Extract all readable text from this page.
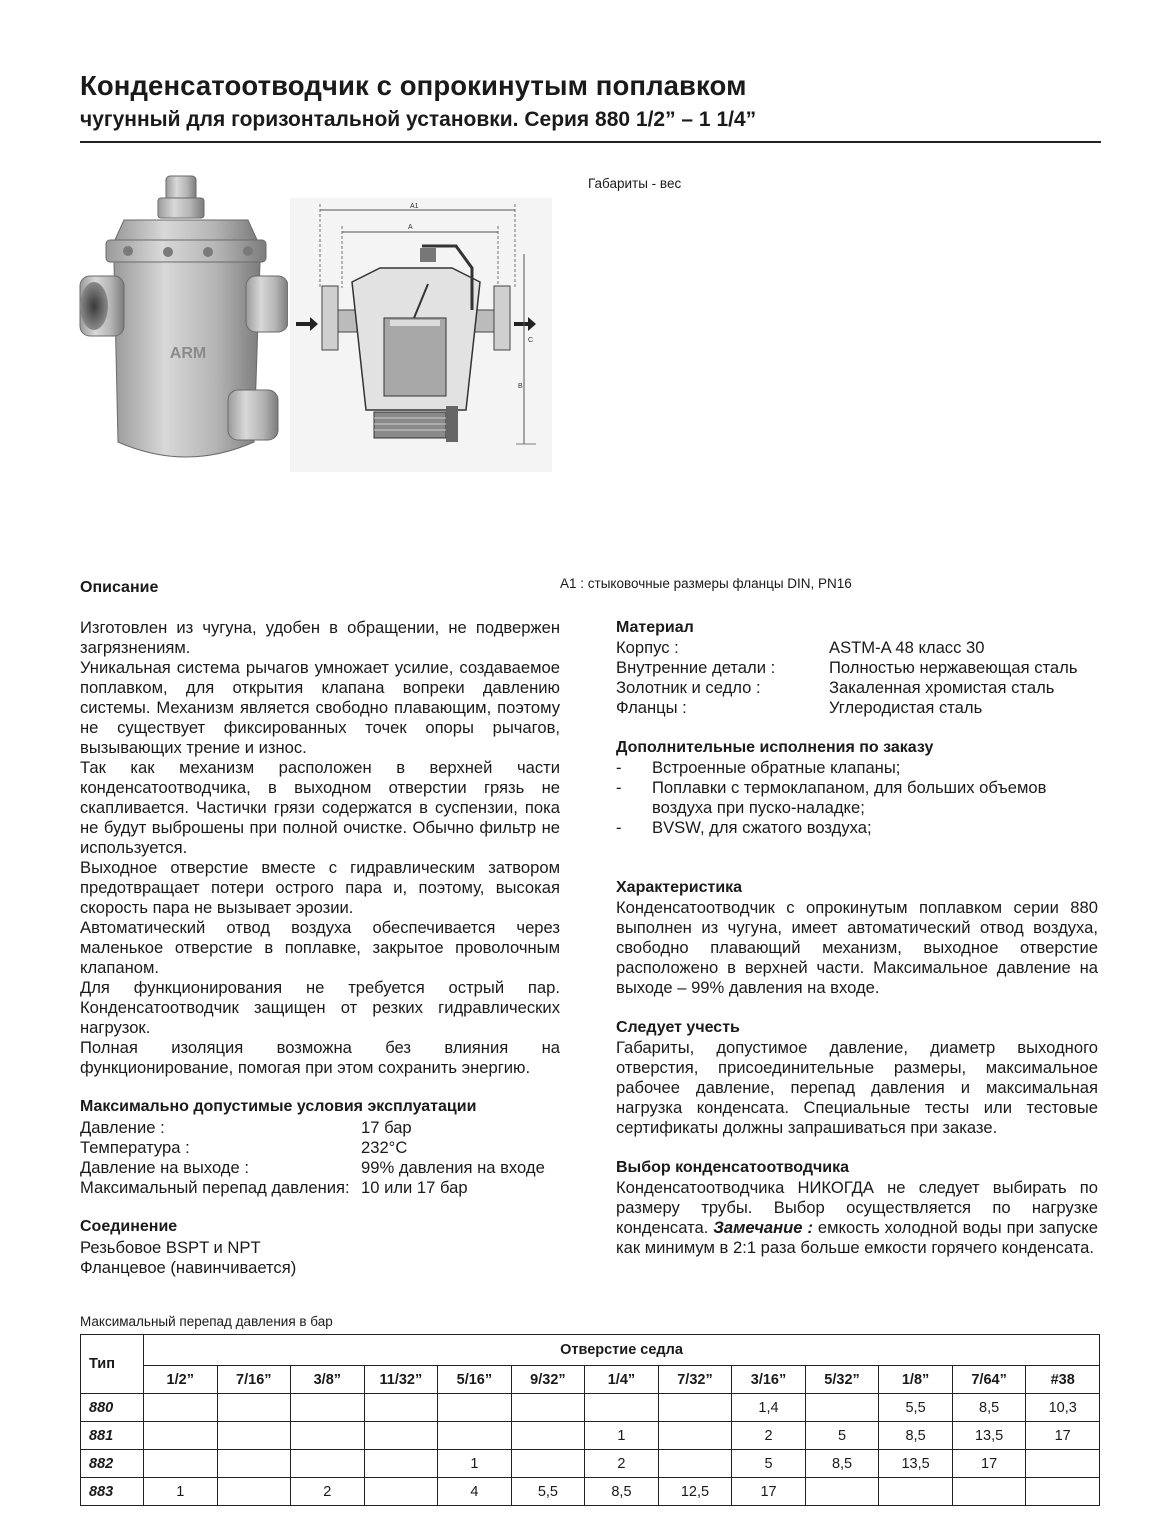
Конденсатоотводчик с опрокинутым поплавком
чугунный для горизонтальной установки. Серия 880 1/2” – 1 1/4”
ARM
A1
A
C
B
Габариты - вес
A1 : стыковочные размеры фланцы DIN, PN16
Описание
Изготовлен из чугуна, удобен в обращении, не подвержен загрязнениям.
Уникальная система рычагов умножает усилие, создаваемое поплавком, для открытия клапана вопреки давлению системы. Механизм является свободно плавающим, поэтому не существует фиксированных точек опоры рычагов, вызывающих трение и износ.
Так как механизм расположен в верхней части конденсатоотводчика, в выходном отверстии грязь не скапливается. Частички грязи содержатся в суспензии, пока не будут выброшены при полной очистке. Обычно фильтр не используется.
Выходное отверстие вместе с гидравлическим затвором предотвращает потери острого пара и, поэтому, высокая скорость пара не вызывает эрозии.
Автоматический отвод воздуха обеспечивается через маленькое отверстие в поплавке, закрытое проволочным клапаном.
Для функционирования не требуется острый пар. Конденсатоотводчик защищен от резких гидравлических нагрузок.
Полная изоляция возможна без влияния на функционирование, помогая при этом сохранить энергию.
Максимально допустимые условия эксплуатации
Давление :	17 бар
Температура :	232°C
Давление на выходе :	99% давления на входе
Максимальный перепад давления: 10 или 17 бар
Соединение
Резьбовое BSPT и NPT
Фланцевое (навинчивается)
Материал
Корпус :	ASTM-A 48 класс 30
Внутренние детали :	Полностью нержавеющая сталь
Золотник и седло :	Закаленная хромистая сталь
Фланцы :	Углеродистая сталь
Дополнительные исполнения по заказу
- Встроенные обратные клапаны;
- Поплавки с термоклапаном, для больших объемов
воздуха при пуско-наладке;
- BVSW, для сжатого воздуха;
Характеристика
Конденсатоотводчик с опрокинутым поплавком серии 880 выполнен из чугуна, имеет автоматический отвод воздуха, свободно плавающий механизм, выходное отверстие расположено в верхней части. Максимальное давление на выходе – 99% давления на входе.
Следует учесть
Габариты, допустимое давление, диаметр выходного отверстия, присоединительные размеры, максимальное рабочее давление, перепад давления и максимальная нагрузка конденсата. Специальные тесты или тестовые сертификаты должны запрашиваться при заказе.
Выбор конденсатоотводчика
Конденсатоотводчика НИКОГДА не следует выбирать по размеру трубы. Выбор осуществляется по нагрузке конденсата. Замечание : емкость холодной воды при запуске как минимум в 2:1 раза больше емкости горячего конденсата.
Максимальный перепад давления в бар
Тип	Отверстие седла												
	1/2”	7/16”	3/8”	11/32”	5/16”	9/32”	1/4”	7/32”	3/16”	5/32”	1/8”	7/64”	#38
880									1,4		5,5	8,5	10,3
881							1		2	5	8,5	13,5	17
882					1		2		5	8,5	13,5	17	
883	1		2		4	5,5	8,5	12,5	17				
